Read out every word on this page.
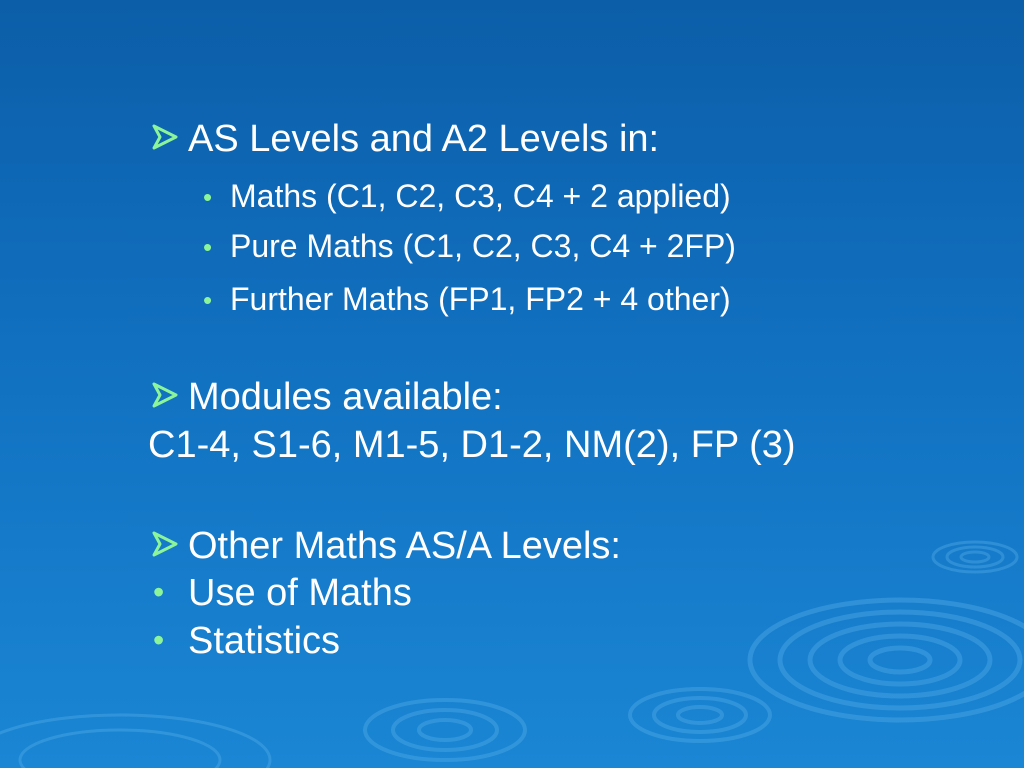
AS Levels and A2 Levels in:
• Maths (C1, C2, C3, C4 + 2 applied)
• Pure Maths (C1, C2, C3, C4 + 2FP)
• Further Maths (FP1, FP2 + 4 other)
Modules available:
C1-4, S1-6, M1-5, D1-2, NM(2), FP (3)
Other Maths AS/A Levels:
• Use of Maths
• Statistics
